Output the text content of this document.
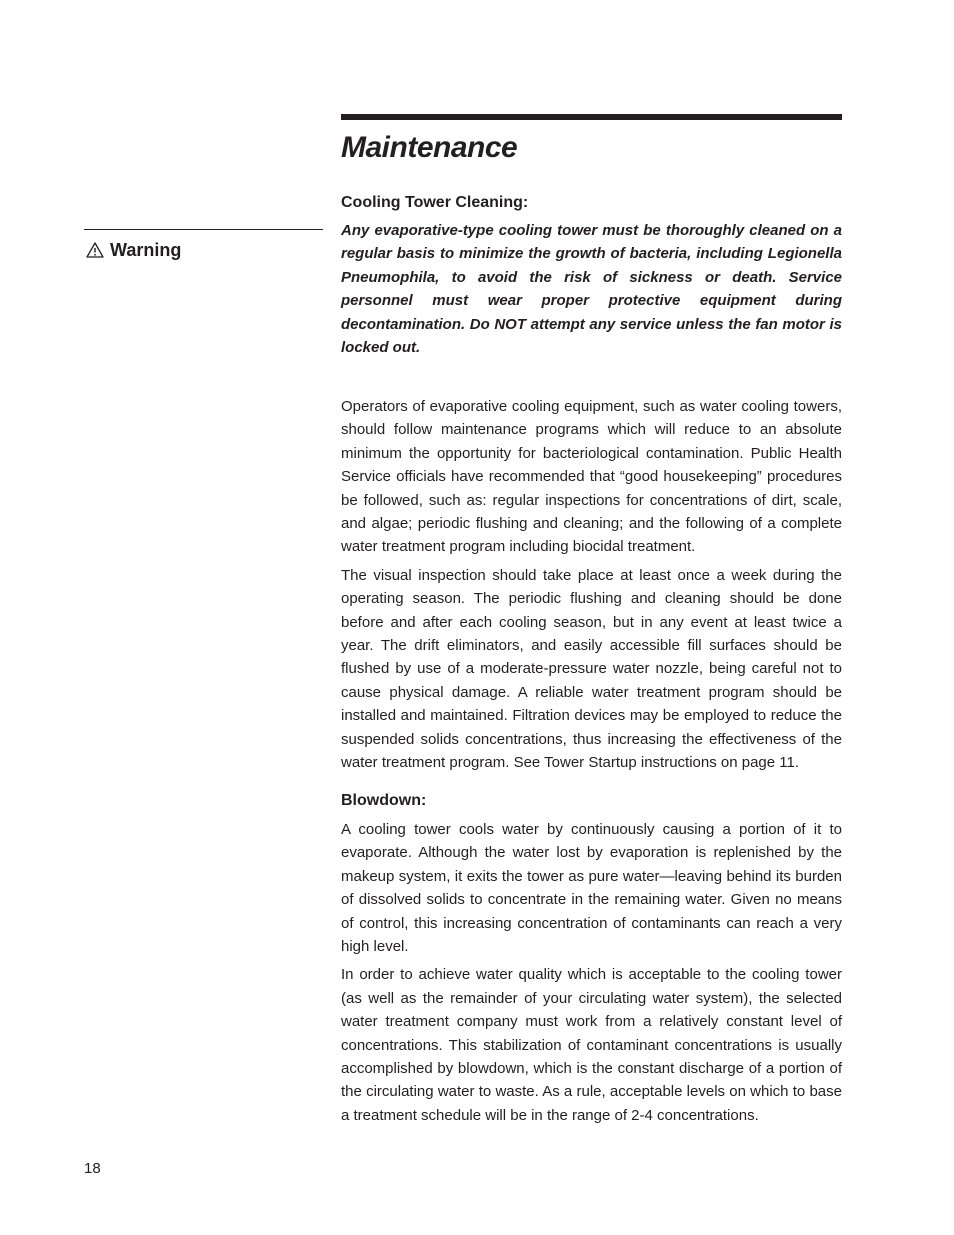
Maintenance
Warning
Cooling Tower Cleaning:

Any evaporative-type cooling tower must be thoroughly cleaned on a regular basis to minimize the growth of bacteria, including Legionella Pneumophila, to avoid the risk of sickness or death. Service personnel must wear proper protective equipment during decontamination. Do NOT attempt any service unless the fan motor is locked out.

Operators of evaporative cooling equipment, such as water cooling towers, should follow maintenance programs which will reduce to an absolute minimum the opportunity for bacteriological contamination. Public Health Service officials have recommended that “good housekeeping” procedures be followed, such as: regular inspections for concentrations of dirt, scale, and algae; periodic flushing and cleaning; and the following of a complete water treatment program including biocidal treatment.

The visual inspection should take place at least once a week during the operating season. The periodic flushing and cleaning should be done before and after each cooling season, but in any event at least twice a year. The drift eliminators, and easily accessible fill surfaces should be flushed by use of a moderate-pressure water nozzle, being careful not to cause physical damage. A reliable water treatment program should be installed and maintained. Filtration devices may be employed to reduce the suspended solids concentrations, thus increasing the effectiveness of the water treatment program. See Tower Startup instructions on page 11.

Blowdown:

A cooling tower cools water by continuously causing a portion of it to evaporate. Although the water lost by evaporation is replenished by the makeup system, it exits the tower as pure water—leaving behind its burden of dissolved solids to concentrate in the remaining water. Given no means of control, this increasing concentration of contaminants can reach a very high level.

In order to achieve water quality which is acceptable to the cooling tower (as well as the remainder of your circulating water system), the selected water treatment company must work from a relatively constant level of concentrations. This stabilization of contaminant concentrations is usually accomplished by blowdown, which is the constant discharge of a portion of the circulating water to waste. As a rule, acceptable levels on which to base a treatment schedule will be in the range of 2-4 concentrations.

18
